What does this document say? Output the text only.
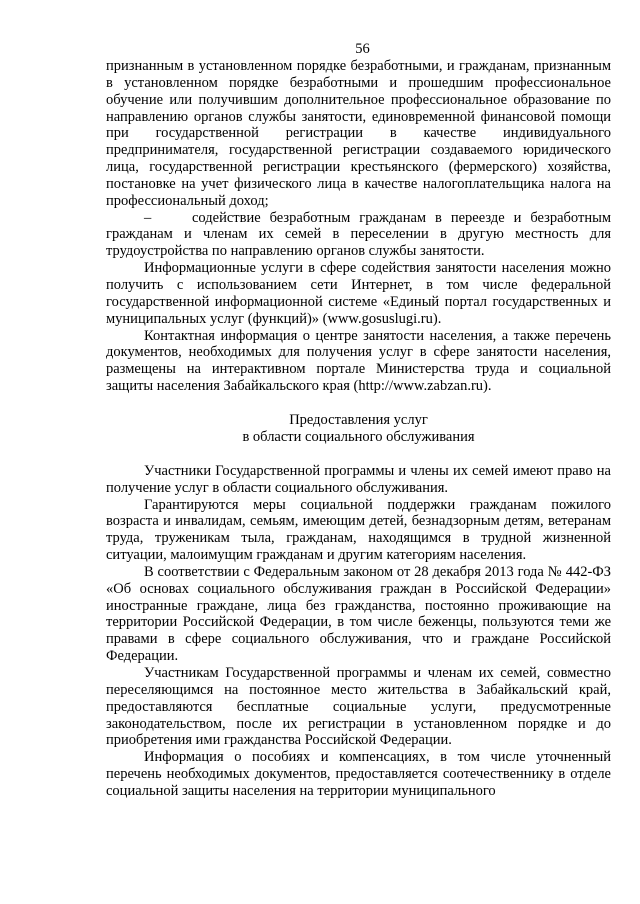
56

признанным в установленном порядке безработными, и гражданам, признанным в установленном порядке безработными и прошедшим профессиональное обучение или получившим дополнительное профессиональное образование по направлению органов службы занятости, единовременной финансовой помощи при государственной регистрации в качестве индивидуального предпринимателя, государственной регистрации создаваемого юридического лица, государственной регистрации крестьянского (фермерского) хозяйства, постановке на учет физического лица в качестве налогоплательщика налога на профессиональный доход;

–	содействие безработным гражданам в переезде и безработным гражданам и членам их семей в переселении в другую местность для трудоустройства по направлению органов службы занятости.

Информационные услуги в сфере содействия занятости населения можно получить с использованием сети Интернет, в том числе федеральной государственной информационной системе «Единый портал государственных и муниципальных услуг (функций)» (www.gosuslugi.ru).

Контактная информация о центре занятости населения, а также перечень документов, необходимых для получения услуг в сфере занятости населения, размещены на интерактивном портале Министерства труда и социальной защиты населения Забайкальского края (http://www.zabzan.ru).

Предоставления услуг
в области социального обслуживания

Участники Государственной программы и члены их семей имеют право на получение услуг в области социального обслуживания.

Гарантируются меры социальной поддержки гражданам пожилого возраста и инвалидам, семьям, имеющим детей, безнадзорным детям, ветеранам труда, труженикам тыла, гражданам, находящимся в трудной жизненной ситуации, малоимущим гражданам и другим категориям населения.

В соответствии с Федеральным законом от 28 декабря 2013 года № 442-ФЗ «Об основах социального обслуживания граждан в Российской Федерации» иностранные граждане, лица без гражданства, постоянно проживающие на территории Российской Федерации, в том числе беженцы, пользуются теми же правами в сфере социального обслуживания, что и граждане Российской Федерации.

Участникам Государственной программы и членам их семей, совместно переселяющимся на постоянное место жительства в Забайкальский край, предоставляются бесплатные социальные услуги, предусмотренные законодательством, после их регистрации в установленном порядке и до приобретения ими гражданства Российской Федерации.

Информация о пособиях и компенсациях, в том числе уточненный перечень необходимых документов, предоставляется соотечественнику в отделе социальной защиты населения на территории муниципального
